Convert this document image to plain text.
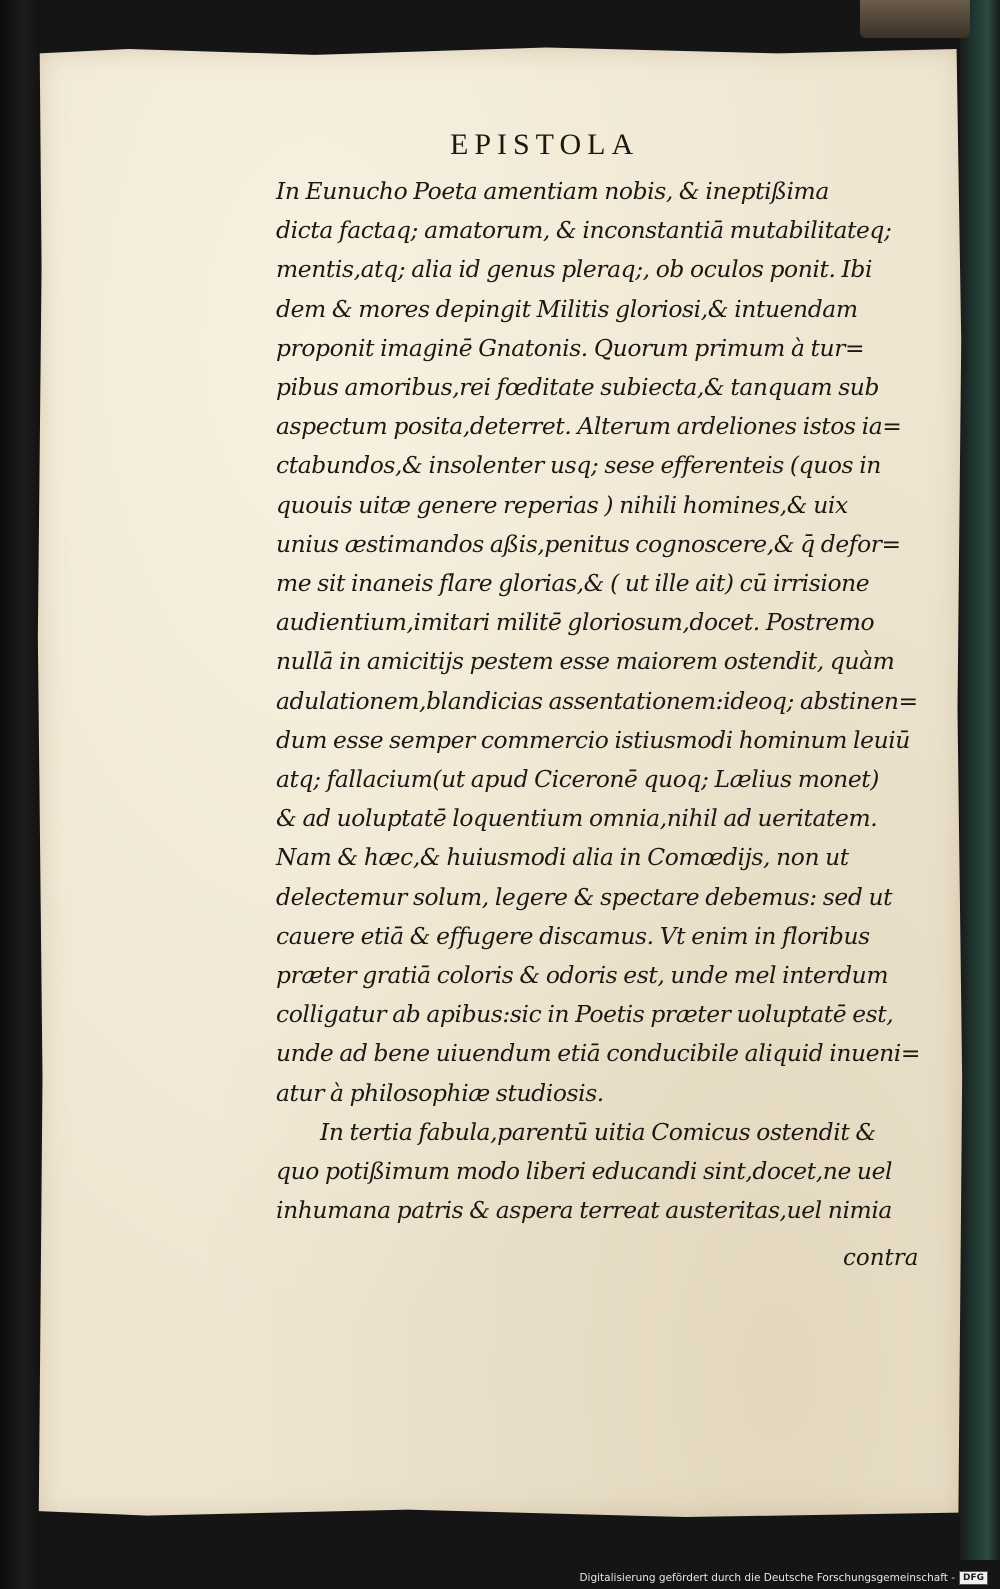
EPISTOLA
In Eunucho Poeta amentiam nobis, & ineptißima
dicta factaq; amatorum, & inconstantiā mutabilitateq;
mentis,atq; alia id genus pleraq;, ob oculos ponit. Ibi
dem & mores depingit Militis gloriosi,& intuendam
proponit imaginē Gnatonis. Quorum primum à tur=
pibus amoribus,rei fœditate subiecta,& tanquam sub
aspectum posita,deterret. Alterum ardeliones istos ia=
ctabundos,& insolenter usq; sese efferenteis (quos in
quouis uitæ genere reperias ) nihili homines,& uix
unius æstimandos aßis,penitus cognoscere,& q̄ defor=
me sit inaneis flare glorias,& ( ut ille ait) cū irrisione
audientium,imitari militē gloriosum,docet. Postremo
nullā in amicitijs pestem esse maiorem ostendit, quàm
adulationem,blandicias assentationem:ideoq; abstinen=
dum esse semper commercio istiusmodi hominum leuiū
atq; fallacium(ut apud Ciceronē quoq; Lælius monet)
& ad uoluptatē loquentium omnia,nihil ad ueritatem.
Nam & hæc,& huiusmodi alia in Comœdijs, non ut
delectemur solum, legere & spectare debemus: sed ut
cauere etiā & effugere discamus. Vt enim in floribus
præter gratiā coloris & odoris est, unde mel interdum
colligatur ab apibus:sic in Poetis præter uoluptatē est,
unde ad bene uiuendum etiā conducibile aliquid inueni=
atur à philosophiæ studiosis.
In tertia fabula,parentū uitia Comicus ostendit &
quo potißimum modo liberi educandi sint,docet,ne uel
inhumana patris & aspera terreat austeritas,uel nimia
contra
Digitalisierung gefördert durch die Deutsche Forschungsgemeinschaft - DFG
